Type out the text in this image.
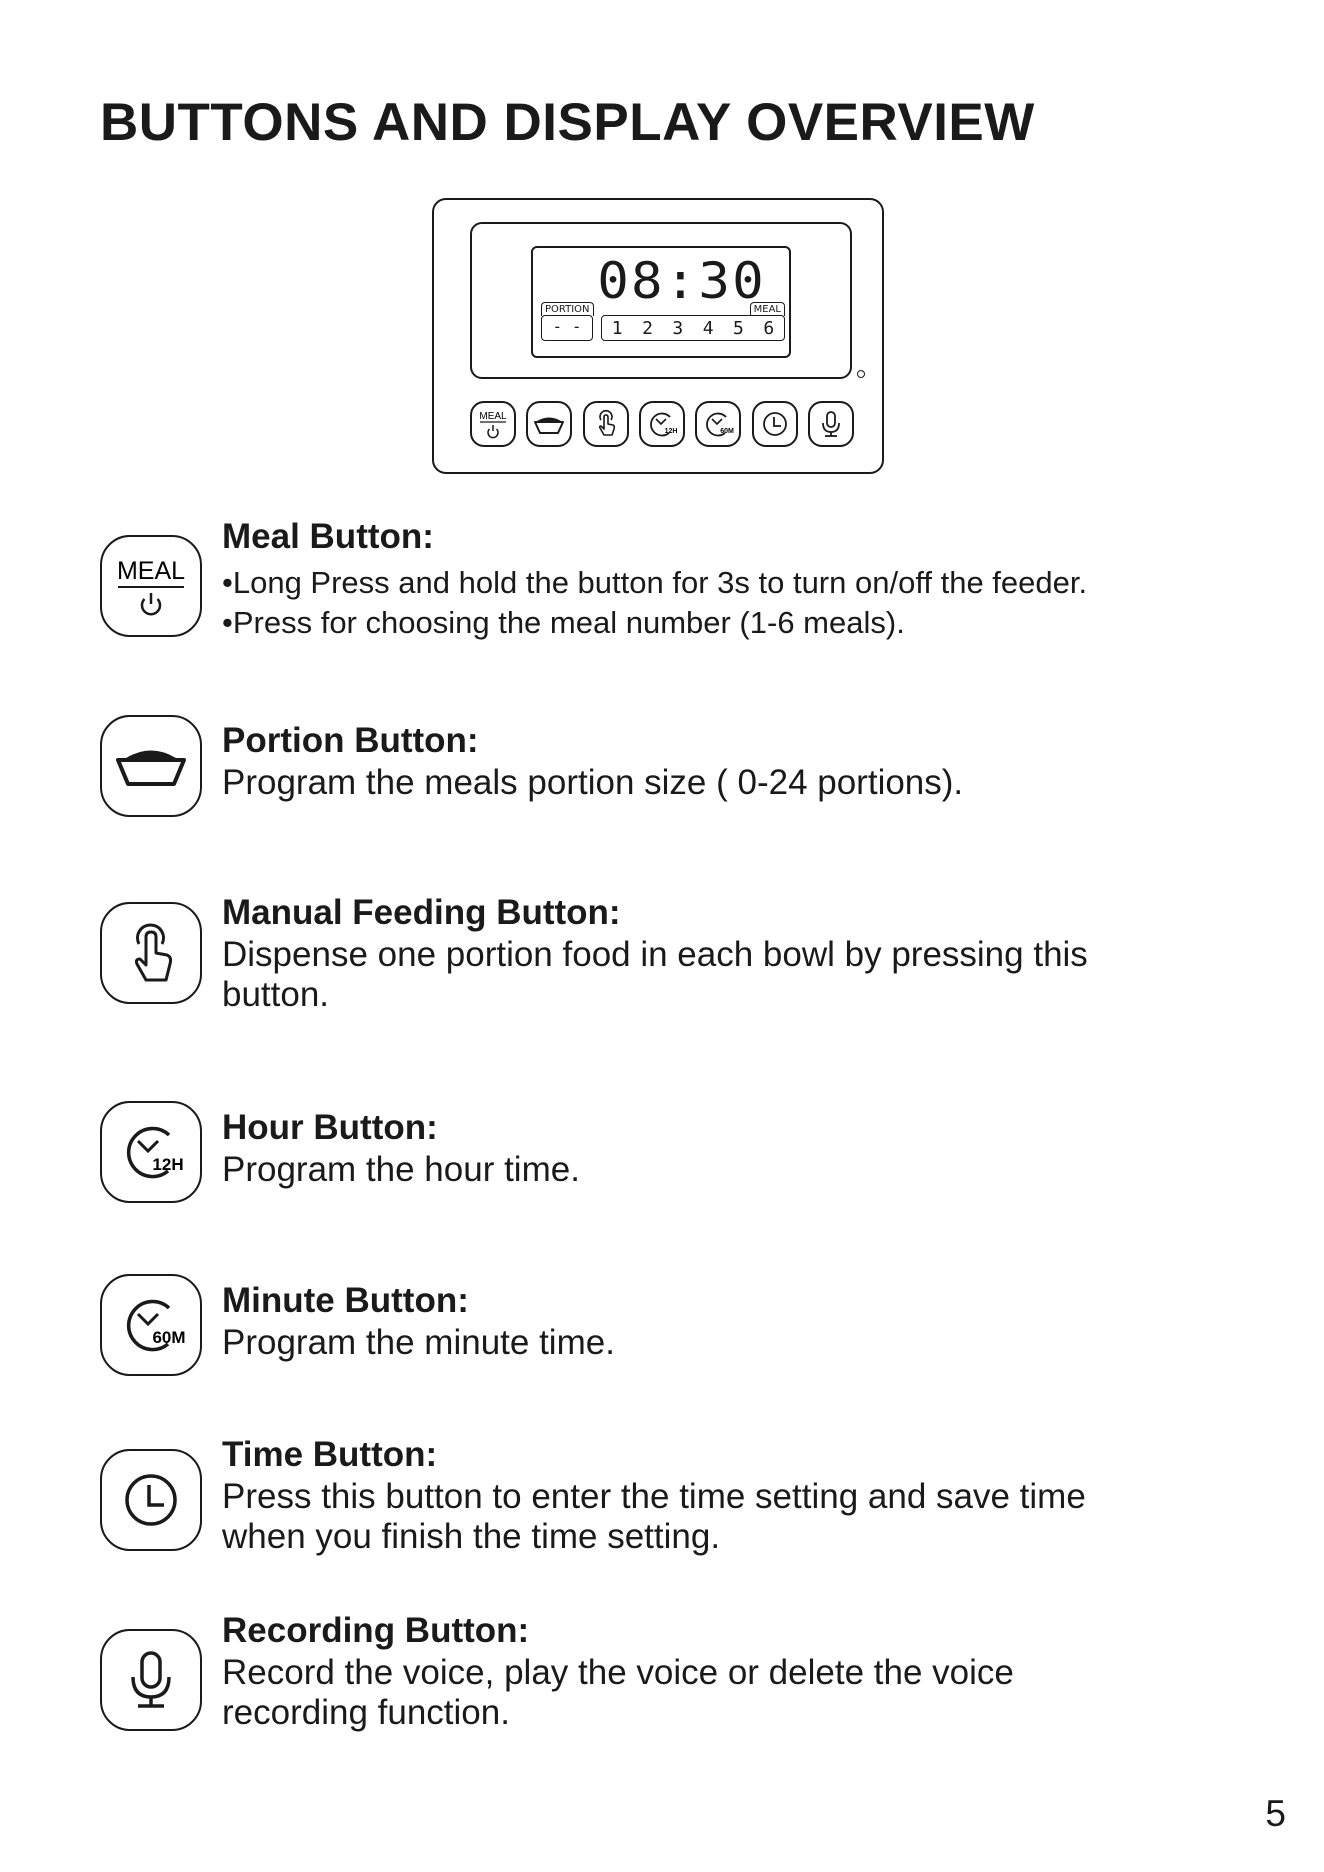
BUTTONS AND DISPLAY OVERVIEW
08:30
PORTION
- -
MEAL
1 2 3 4 5 6
MEAL
12H	60M
MEAL
Meal Button:

•Long Press and hold the button for 3s to turn on/off the feeder.
•Press for choosing the meal number (1-6 meals).

Portion Button:

Program the meals portion size ( 0-24 portions).

Manual Feeding Button:

Dispense one portion food in each bowl by pressing this
button.

12H
Hour Button:

Program the hour time.

60M
Minute Button:

Program the minute time.

Time Button:

Press this button to enter the time setting and save time
when you finish the time setting.

Recording Button:

Record the voice, play the voice or delete the voice
recording function.

5
